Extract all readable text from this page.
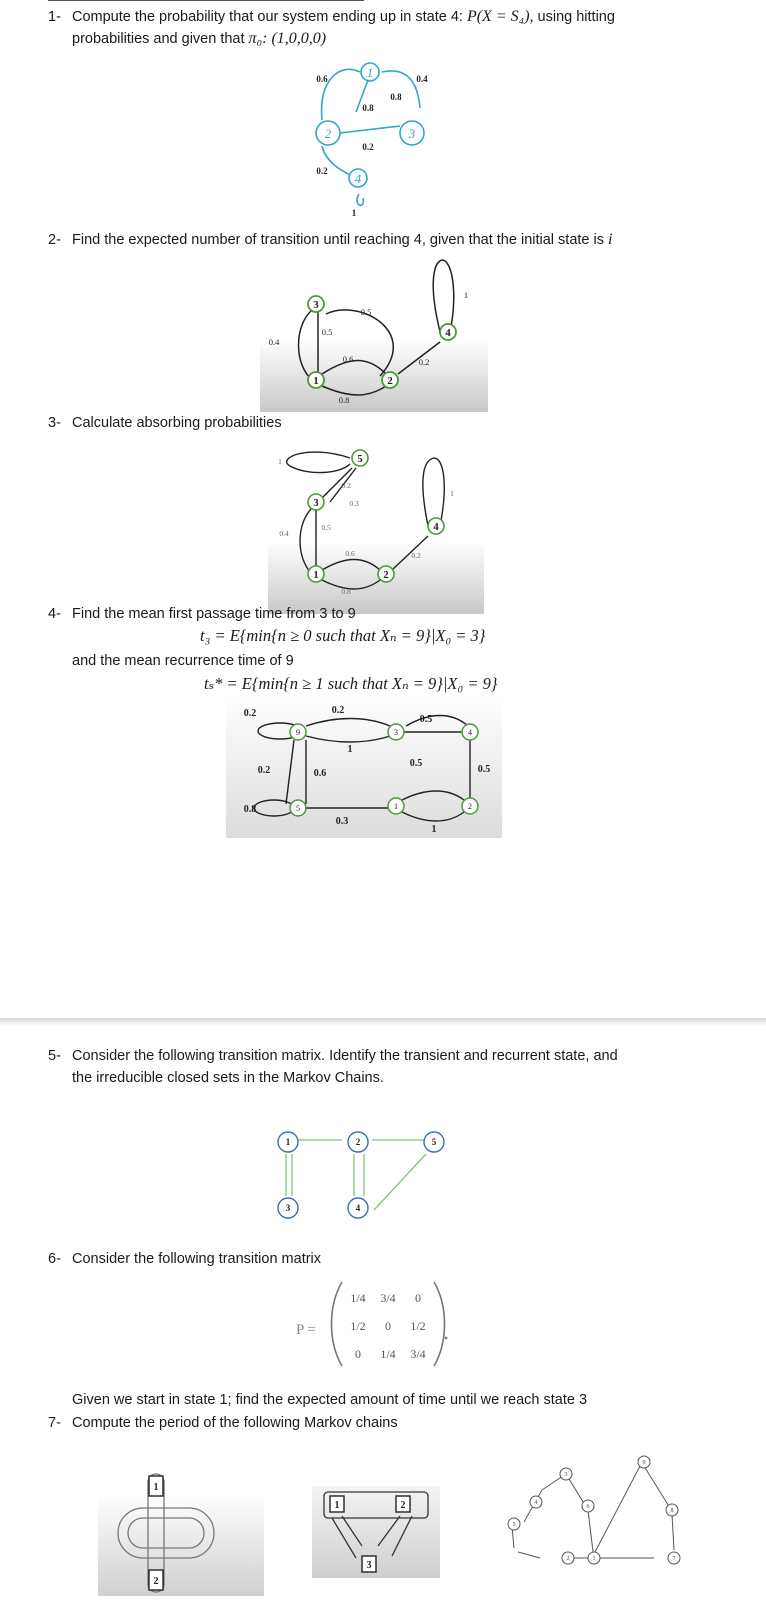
1- Compute the probability that our system ending up in state 4: P(X = S₄), using hitting
probabilities and given that π₀: (1,0,0,0)
1
2	3
4
0.6	0.4
0.8
0.8
0.2
0.2
1
2- Find the expected number of transition until reaching 4, given that the initial state is i
3
4
1	2
0.4
0.5
0.5
0.6	0.2
0.8
1
3- Calculate absorbing probabilities
5
3
4
1	2
1
0.2
0.3
0.4
0.5
0.6	0.2
0.8
1
4- Find the mean first passage time from 3 to 9
t₃ = E{min{n ≥ 0 such that Xₙ = 9}|X₀ = 3}
and the mean recurrence time of 9
tₛ* = E{min{n ≥ 1 such that Xₙ = 9}|X₀ = 9}
9	3	4
5	1	2
0.2	0.2
0.5
1
0.2	0.6
0.5
0.5
0.8
0.3
1
5- Consider the following transition matrix. Identify the transient and recurrent state, and
the irreducible closed sets in the Markov Chains.
1	2	5
3	4
6- Consider the following transition matrix
P =
1/4 3/4 0
1/2 0 1/2
0 1/4 3/4
Given we start in state 1; find the expected amount of time until we reach state 3
7- Compute the period of the following Markov chains
1
2
1	2
3
4
5
3
6
9
8
1
2	7
